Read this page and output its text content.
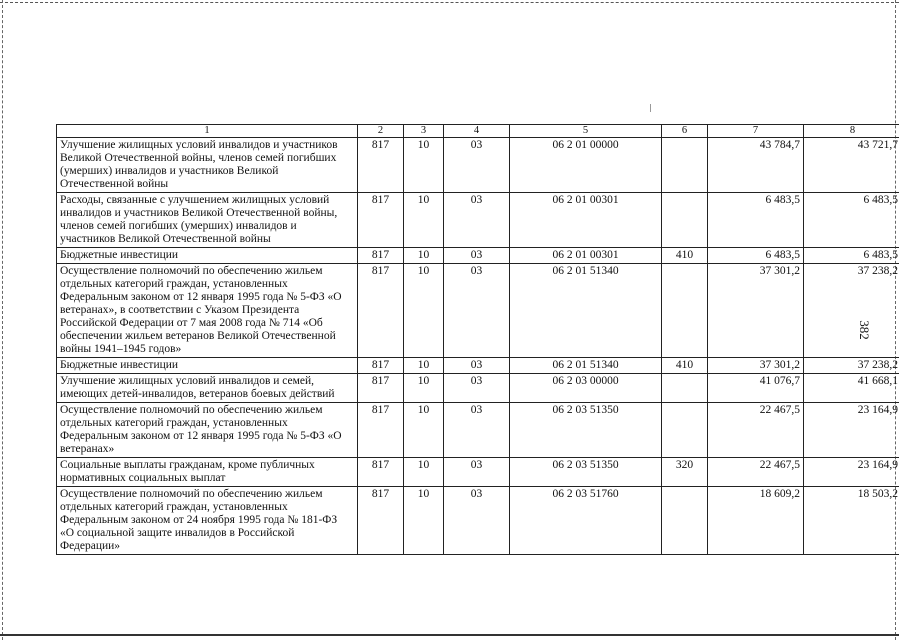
1	2	3	4	5	6	7	8
Улучшение жилищных условий инвалидов и участников Великой Отечественной войны, членов семей погибших (умерших) инвалидов и участников Великой Отечественной войны	817	10	03	06 2 01 00000		43 784,7	43 721,7
Расходы, связанные с улучшением жилищных условий инвалидов и участников Великой Отечественной войны, членов семей погибших (умерших) инвалидов и участников Великой Отечественной войны	817	10	03	06 2 01 00301		6 483,5	6 483,5
Бюджетные инвестиции	817	10	03	06 2 01 00301	410	6 483,5	6 483,5
Осуществление полномочий по обеспечению жильем отдельных категорий граждан, установленных Федеральным законом от 12 января 1995 года № 5-ФЗ «О ветеранах», в соответствии с Указом Президента Российской Федерации от 7 мая 2008 года № 714 «Об обеспечении жильем ветеранов Великой Отечественной войны 1941–1945 годов»	817	10	03	06 2 01 51340		37 301,2	37 238,2
Бюджетные инвестиции	817	10	03	06 2 01 51340	410	37 301,2	37 238,2
Улучшение жилищных условий инвалидов и семей, имеющих детей-инвалидов, ветеранов боевых действий	817	10	03	06 2 03 00000		41 076,7	41 668,1
Осуществление полномочий по обеспечению жильем отдельных категорий граждан, установленных Федеральным законом от 12 января 1995 года № 5-ФЗ «О ветеранах»	817	10	03	06 2 03 51350		22 467,5	23 164,9
Социальные выплаты гражданам, кроме публичных нормативных социальных выплат	817	10	03	06 2 03 51350	320	22 467,5	23 164,9
Осуществление полномочий по обеспечению жильем отдельных категорий граждан, установленных Федеральным законом от 24 ноября 1995 года № 181-ФЗ «О социальной защите инвалидов в Российской Федерации»	817	10	03	06 2 03 51760		18 609,2	18 503,2
382
